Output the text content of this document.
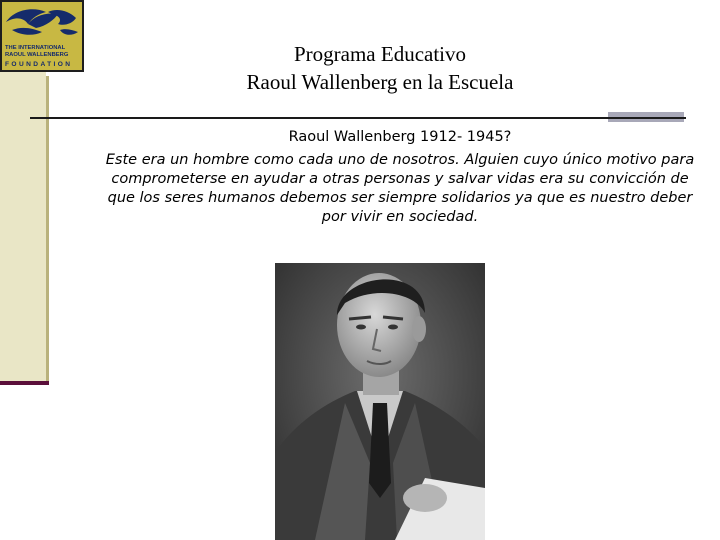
THE INTERNATIONAL
RAOUL WALLENBERG
FOUNDATION	Programa Educativo
Raoul Wallenberg en la Escuela
Raoul Wallenberg 1912- 1945?
Este era un hombre como cada uno de nosotros. Alguien cuyo único motivo para comprometerse en ayudar a otras personas y salvar vidas era su convicción de que los seres humanos debemos ser siempre solidarios ya que es nuestro deber por vivir en sociedad.
